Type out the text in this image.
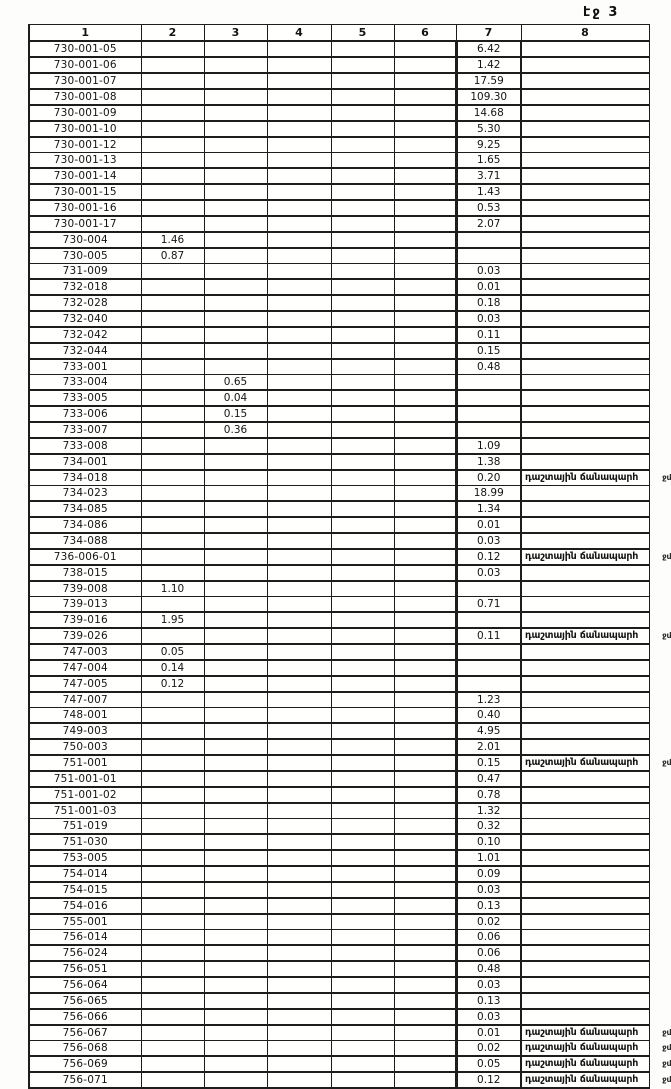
էջ 3
1	2	3	4	5	6	7	8
730-001-05						6.42	
730-001-06						1.42	
730-001-07						17.59	
730-001-08						109.30	
730-001-09						14.68	
730-001-10						5.30	
730-001-12						9.25	
730-001-13						1.65	
730-001-14						3.71	
730-001-15						1.43	
730-001-16						0.53	
730-001-17						2.07	
730-004	1.46						
730-005	0.87						
731-009						0.03	
732-018						0.01	
732-028						0.18	
732-040						0.03	
732-042						0.11	
732-044						0.15	
733-001						0.48	
733-004		0.65					
733-005		0.04					
733-006		0.15					
733-007		0.36					
733-008						1.09	
734-001						1.38	
734-018						0.20	դաշտային ճանապարհ ջմ

734-023						18.99	
734-085						1.34	
734-086						0.01	
734-088						0.03	
736-006-01						0.12	դաշտային ճանապարհ ջմ

738-015						0.03	
739-008	1.10						
739-013						0.71	
739-016	1.95						
739-026						0.11	դաշտային ճանապարհ ջմ

747-003	0.05						
747-004	0.14						
747-005	0.12						
747-007						1.23	
748-001						0.40	
749-003						4.95	
750-003						2.01	
751-001						0.15	դաշտային ճանապարհ ջմ

751-001-01						0.47	
751-001-02						0.78	
751-001-03						1.32	
751-019						0.32	
751-030						0.10	
753-005						1.01	
754-014						0.09	
754-015						0.03	
754-016						0.13	
755-001						0.02	
756-014						0.06	
756-024						0.06	
756-051						0.48	
756-064						0.03	
756-065						0.13	
756-066						0.03	
756-067						0.01	դաշտային ճանապարհ ջմ

756-068						0.02	դաշտային ճանապարհ ջմ

756-069						0.05	դաշտային ճանապարհ ջմ

756-071						0.12	դաշտային ճանապարհ ջմ
